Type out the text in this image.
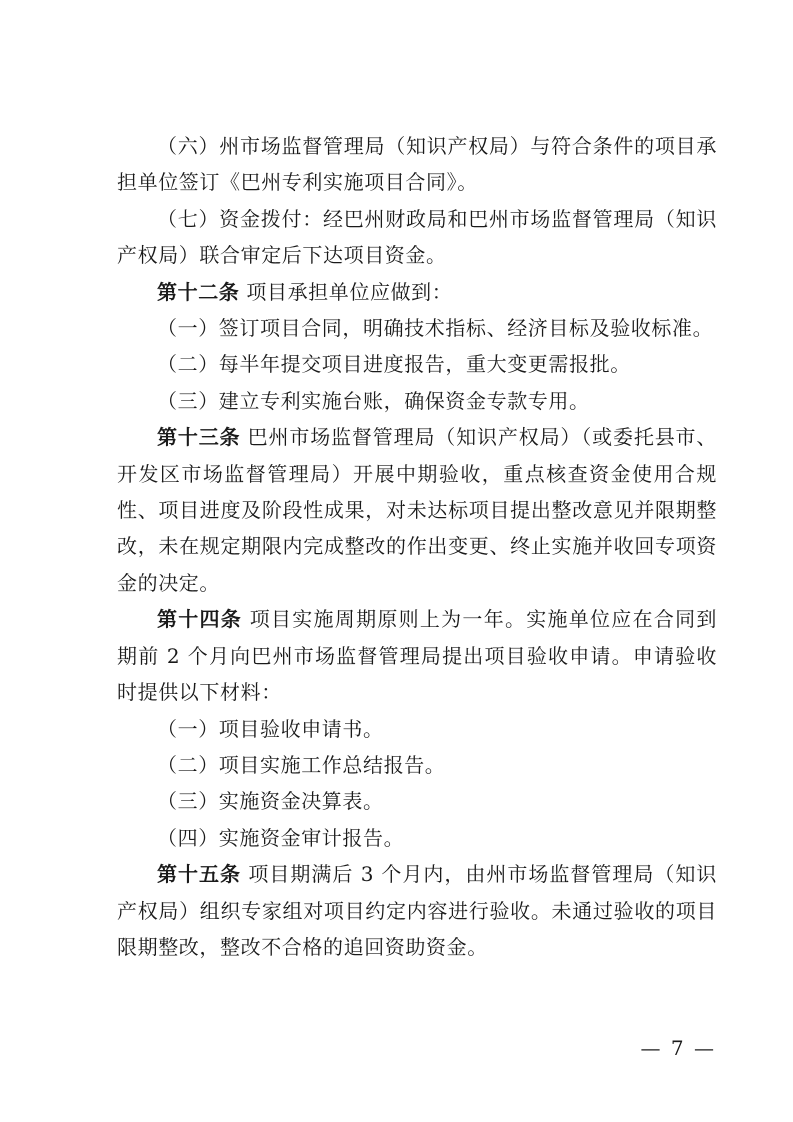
（六）州市场监督管理局（知识产权局）与符合条件的项目承担单位签订《巴州专利实施项目合同》。

（七）资金拨付：经巴州财政局和巴州市场监督管理局（知识产权局）联合审定后下达项目资金。

第十二条 项目承担单位应做到：

（一）签订项目合同，明确技术指标、经济目标及验收标准。

（二）每半年提交项目进度报告，重大变更需报批。

（三）建立专利实施台账，确保资金专款专用。

第十三条 巴州市场监督管理局（知识产权局）（或委托县市、开发区市场监督管理局）开展中期验收，重点核查资金使用合规性、项目进度及阶段性成果，对未达标项目提出整改意见并限期整改，未在规定期限内完成整改的作出变更、终止实施并收回专项资金的决定。

第十四条 项目实施周期原则上为一年。实施单位应在合同到期前 2 个月向巴州市场监督管理局提出项目验收申请。申请验收时提供以下材料：

（一）项目验收申请书。

（二）项目实施工作总结报告。

（三）实施资金决算表。

（四）实施资金审计报告。

第十五条 项目期满后 3 个月内，由州市场监督管理局（知识产权局）组织专家组对项目约定内容进行验收。未通过验收的项目限期整改，整改不合格的追回资助资金。

— 7 —
